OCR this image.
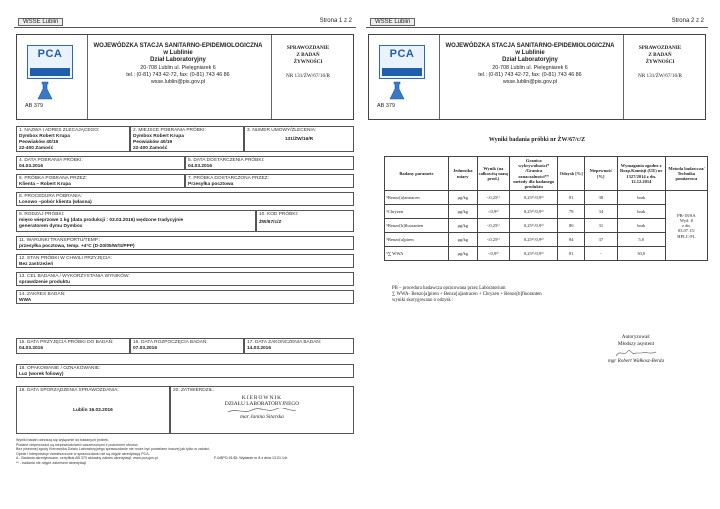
WSSE Lublin	Strona 1 z 2
PCA
AB 379
WOJEWÓDZKA STACJA SANITARNO-EPIDEMIOLOGICZNA
w Lublinie
Dział Laboratoryjny
20-708 Lublin ul. Pielęgniarek 6
tel.: (0-81) 743 42-72, fax: (0-81) 743 46 86
wsse.lublin@pis.gov.pl
SPRAWOZDANIE
Z BADAŃ
ŻYWNOŚCI

NR 131/ŻW/67/16/R
1. NAZWA I ADRES ZLECAJĄCEGO:
Dymbox Robert Krupa
Peowiaków 40/19
22-400 Zamość
2. MIEJSCE POBRANIA PRÓBKI:
Dymbox Robert Krupa
Peowiaków 40/19
22-400 Zamość
3. NUMER UMOWY/ZLECENIA:
131/ŻW/16/R
4. DATA POBRANIA PRÓBKI:
04.03.2016
5. DATA DOSTARCZENIA PRÓBKI:
04.03.2016
6. PRÓBKA POBRANA PRZEZ:
Klienta – Robert Krupa
7. PRÓBKA DOSTARCZONA PRZEZ:
Przesyłka pocztowa
8. PROCEDURA POBRANIA:
Losowo –pobór klienta (własna)
9. RODZAJ PRÓBKI:
mięso wieprzowe 1 kg (data produkcji : 03.03.2016) wędzone tradycyjnie
generatorem dymu Dymbox
10. KOD PRÓBKI:
ŻW/67/c/Z
11. WARUNKI TRANSPORTU/TEMP.:
przesyłka pocztowa, temp. +4°C (D-20/05/W/S/PPP)
12. STAN PRÓBKI W CHWILI PRZYJĘCIA:
Bez zastrzeżeń
13. CEL BADANIA / WYKORZYSTANIA WYNIKÓW:
sprawdzenie produktu
14. ZAKRES BADAŃ:
WWA
15. DATA PRZYJĘCIA PRÓBKI DO BADAŃ:
04.03.2016
16. DATA ROZPOCZĘCIA BADAŃ:
07.03.2016
17. DATA ZAKOŃCZENIA BADAŃ:
14.03.2016
18. OPAKOWANIE / OZNAKOWANIE:
Luz (worek foliowy)
19. DATA SPORZĄDZENIA SPRAWOZDANIA:
Lublin 16.03.2016
20. ZATWIERDZIŁ:
KIEROWNIK
DZIAŁU LABORATORYJNEGO
mar Janina Sitarska
Wyniki badań odnoszą się wyłącznie do badanych próbek.
Podane niepewności są niepewnościami rozszerzonymi z poziomem ufności.
Bez pisemnej zgody Kierownika Działu Laboratoryjnego sprawozdanie nie może być powielane inaczej jak tylko w całości.
Opinie i interpretacje zamieszczone w sprawozdaniu nie są objęte akredytacją PCA.
A - Badania akredytowane, certyfikat AB 379 aktualny zakres akredytacji: www.pca.gov.pl
** - badania nie objęte zakresem akredytacji
F-0/8PO-01/DL Wydanie nr 8 z dnia 13.01.14r.
WSSE Lublin	Strona 2 z 2
PCA
AB 379
WOJEWÓDZKA STACJA SANITARNO-EPIDEMIOLOGICZNA
w Lublinie
Dział Laboratoryjny
20-708 Lublin ul. Pielęgniarek 6
tel.: (0-81) 743 42-72, fax: (0-81) 743 46 86
wsse.lublin@pis.gov.pl
SPRAWOZDANIE
Z BADAŃ
ŻYWNOŚCI

NR 131/ŻW/67/16/R
Wyniki badania próbki nr ŻW/67/c/Z
Badany parametr	Jednostka miary	Wynik (na całkowitą masę prod.)	Granica wykrywalności* /Granica oznaczalności** metody dla badanego produktu	Odzysk [%]	Niepewność [%]	Wymagania zgodne z Rozp.Komisji (UE) nr 1327/2014 z dn. 12.12.2014	Metoda badawcza/ Technika pomiarowa
ᴬBenzo[a]antracen	µg/kg	<0,25¹⁾	0,25¹⁾/0,9²⁾	81	38	brak	PB-18/SA
Wyd. 8
z dn.
03.07.15/
HPLC-FL

ᴬChryzen	µg/kg	<0,9²⁾	0,25¹⁾/0,9²⁾	78	34	brak	
ᴬBenzo[b]fluoranten	µg/kg	<0,25¹⁾	0,25¹⁾/0,9²⁾	80	31	brak	
ᴬBenzo[a]piren	µg/kg	<0,25¹⁾	0,25¹⁾/0,9²⁾	84	37	5,0	
ᴬ∑ WWA	µg/kg	<0,9²⁾	0,25¹⁾/0,9²⁾	81	-	30,0	
PB – procedura badawcza opracowana przez Laboratorium
∑ WWA- Benzo[a]piren + Benzo[a]antracen + Chryzen + Benzo[b]fluoranten
wyniki skorygowano o odzysk :
Autoryzował:
Młodszy asystent
mgr Robert Wałkosz-Berda
